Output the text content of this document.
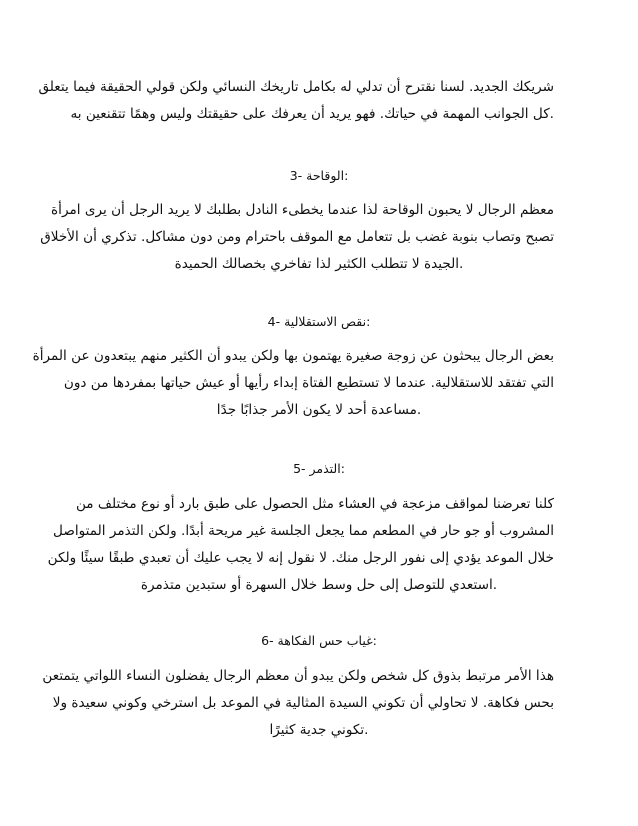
شريكك الجديد. لسنا نقترح أن تدلي له بكامل تاريخك النسائي ولكن قولي الحقيقة فيما يتعلق
.كل الجوانب المهمة في حياتك. فهو يريد أن يعرفك على حقيقتك وليس وهمًا تتقنعين به

:الوقاحة -3

معظم الرجال لا يحبون الوقاحة لذا عندما يخطىء النادل بطلبك لا يريد الرجل أن يرى امرأة
تصبح وتصاب بنوبة غضب بل تتعامل مع الموقف باحترام ومن دون مشاكل. تذكري أن الأخلاق
.الجيدة لا تتطلب الكثير لذا تفاخري بخصالك الحميدة

:نقص الاستقلالية -4

بعض الرجال يبحثون عن زوجة صغيرة يهتمون بها ولكن يبدو أن الكثير منهم يبتعدون عن المرأة
التي تفتقد للاستقلالية. عندما لا تستطيع الفتاة إبداء رأيها أو عيش حياتها بمفردها من دون
.مساعدة أحد لا يكون الأمر جذابًا جدًا

:التذمر -5

كلنا تعرضنا لمواقف مزعجة في العشاء مثل الحصول على طبق بارد أو نوع مختلف من
المشروب أو جو حار في المطعم مما يجعل الجلسة غير مريحة أبدًا. ولكن التذمر المتواصل
خلال الموعد يؤدي إلى نفور الرجل منك. لا نقول إنه لا يجب عليك أن تعبدي طبقًا سيئًا ولكن
.استعدي للتوصل إلى حل وسط خلال السهرة أو ستبدين متذمرة

:غياب حس الفكاهة -6

هذا الأمر مرتبط بذوق كل شخص ولكن يبدو أن معظم الرجال يفضلون النساء اللواتي يتمتعن
بحس فكاهة. لا تحاولي أن تكوني السيدة المثالية في الموعد بل استرخي وكوني سعيدة ولا
.تكوني جدية كثيرًا
